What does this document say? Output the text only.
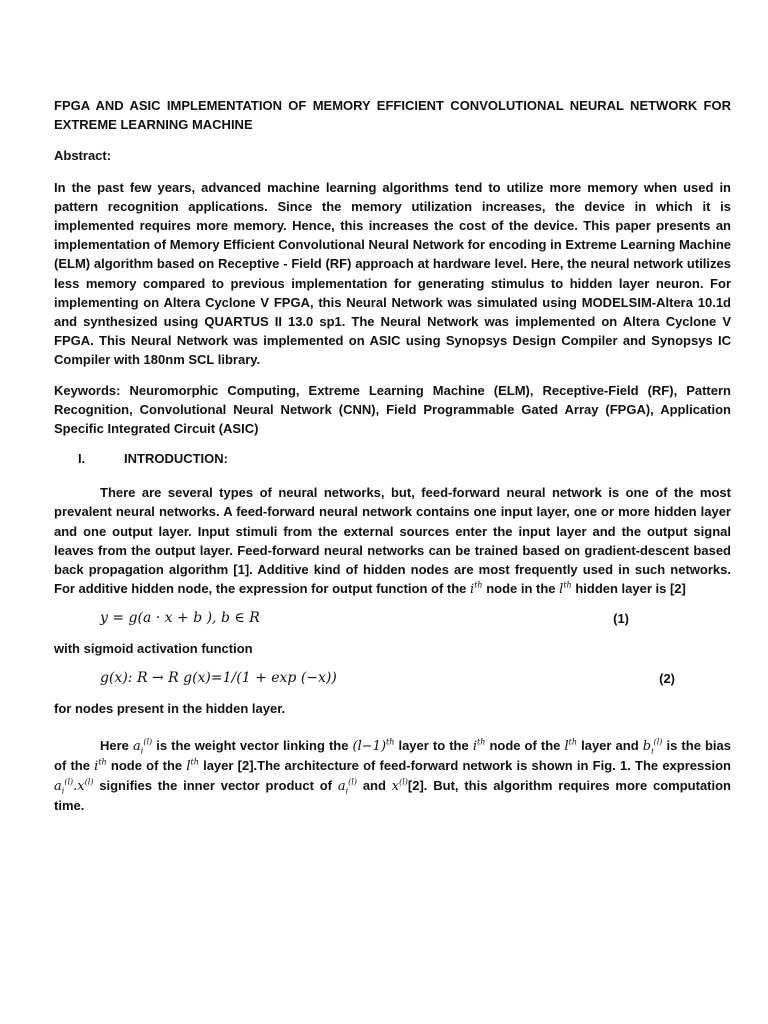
FPGA AND ASIC IMPLEMENTATION OF MEMORY EFFICIENT CONVOLUTIONAL NEURAL NETWORK FOR EXTREME LEARNING MACHINE

Abstract:

In the past few years, advanced machine learning algorithms tend to utilize more memory when used in pattern recognition applications. Since the memory utilization increases, the device in which it is implemented requires more memory. Hence, this increases the cost of the device. This paper presents an implementation of Memory Efficient Convolutional Neural Network for encoding in Extreme Learning Machine (ELM) algorithm based on Receptive - Field (RF) approach at hardware level. Here, the neural network utilizes less memory compared to previous implementation for generating stimulus to hidden layer neuron. For implementing on Altera Cyclone V FPGA, this Neural Network was simulated using MODELSIM-Altera 10.1d and synthesized using QUARTUS II 13.0 sp1. The Neural Network was implemented on Altera Cyclone V FPGA. This Neural Network was implemented on ASIC using Synopsys Design Compiler and Synopsys IC Compiler with 180nm SCL library.

Keywords: Neuromorphic Computing, Extreme Learning Machine (ELM), Receptive-Field (RF), Pattern Recognition, Convolutional Neural Network (CNN), Field Programmable Gated Array (FPGA), Application Specific Integrated Circuit (ASIC)

I.	INTRODUCTION:

There are several types of neural networks, but, feed-forward neural network is one of the most prevalent neural networks. A feed-forward neural network contains one input layer, one or more hidden layer and one output layer. Input stimuli from the external sources enter the input layer and the output signal leaves from the output layer. Feed-forward neural networks can be trained based on gradient-descent based back propagation algorithm [1]. Additive kind of hidden nodes are most frequently used in such networks. For additive hidden node, the expression for output function of the $i^{th}$ node in the $l^{th}$ hidden layer is [2]

y = g(a · x + b ), b ∈ R	(1)

with sigmoid activation function

g(x): R → R g(x)=1/(1 + exp (−x))	(2)

for nodes present in the hidden layer.

Here $a_i^{(l)}$ is the weight vector linking the $(l-1)^{th}$ layer to the $i^{th}$ node of the $l^{th}$ layer and $b_i^{(l)}$ is the bias of the $i^{th}$ node of the $l^{th}$ layer [2].The architecture of feed-forward network is shown in Fig. 1. The expression $a_i^{(l)}.x^{(l)}$ signifies the inner vector product of $a_i^{(l)}$ and $x^{(l)}[2]$. But, this algorithm requires more computation time.
